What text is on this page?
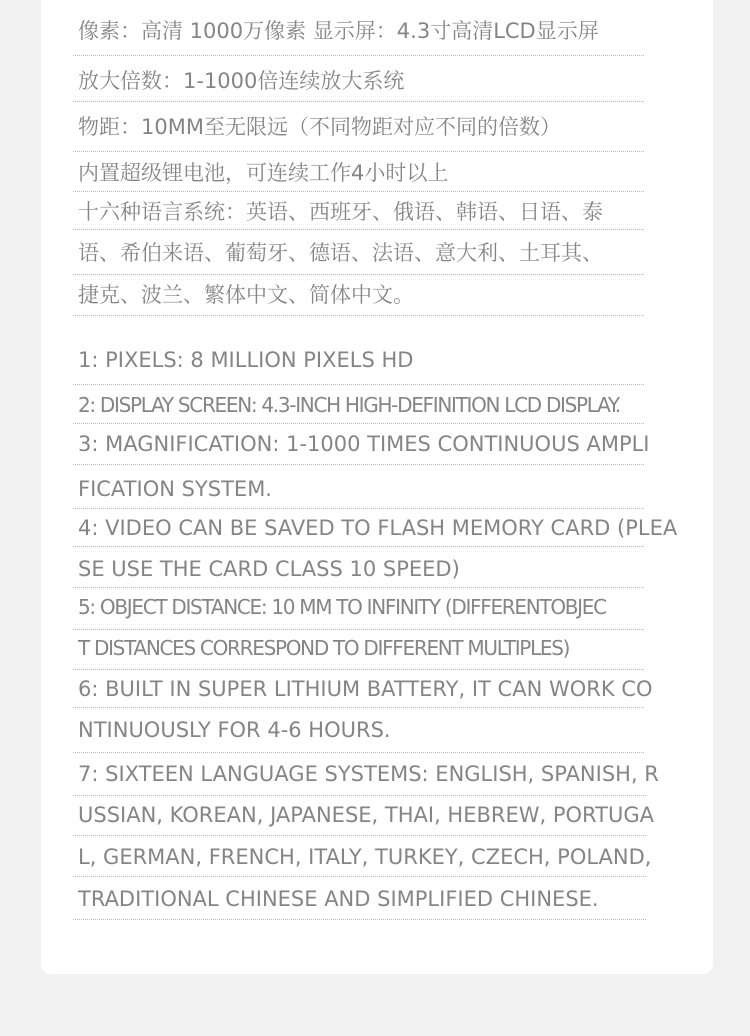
像素：高清 1000万像素 显示屏：4.3寸高清LCD显示屏
放大倍数：1-1000倍连续放大系统
物距：10MM至无限远（不同物距对应不同的倍数）
内置超级锂电池，可连续工作4小时以上
十六种语言系统：英语、西班牙、俄语、韩语、日语、泰
语、希伯来语、葡萄牙、德语、法语、意大利、土耳其、
捷克、波兰、繁体中文、简体中文。
1: PIXELS: 8 MILLION PIXELS HD
2: DISPLAY SCREEN: 4.3-INCH HIGH-DEFINITION LCD DISPLAY.
3: MAGNIFICATION: 1-1000 TIMES CONTINUOUS AMPLI
FICATION SYSTEM.
4: VIDEO CAN BE SAVED TO FLASH MEMORY CARD (PLEA
SE USE THE CARD CLASS 10 SPEED)
5: OBJECT DISTANCE: 10 MM TO INFINITY (DIFFERENTOBJEC
T DISTANCES CORRESPOND TO DIFFERENT MULTIPLES)
6: BUILT IN SUPER LITHIUM BATTERY, IT CAN WORK CO
NTINUOUSLY FOR 4-6 HOURS.
7: SIXTEEN LANGUAGE SYSTEMS: ENGLISH, SPANISH, R
USSIAN, KOREAN, JAPANESE, THAI, HEBREW, PORTUGA
L, GERMAN, FRENCH, ITALY, TURKEY, CZECH, POLAND,
TRADITIONAL CHINESE AND SIMPLIFIED CHINESE.
